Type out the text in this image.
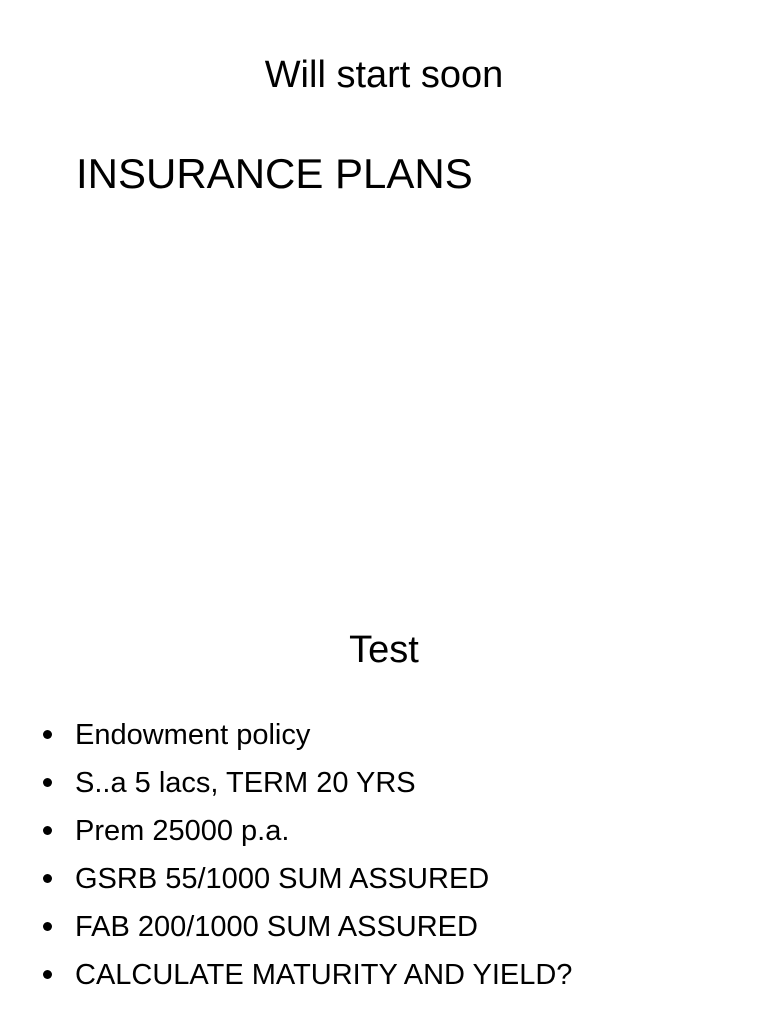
Will start soon
INSURANCE PLANS
Test
Endowment policy
S..a 5 lacs, TERM 20 YRS
Prem 25000 p.a.
GSRB 55/1000 SUM ASSURED
FAB 200/1000 SUM ASSURED
CALCULATE MATURITY AND YIELD?
